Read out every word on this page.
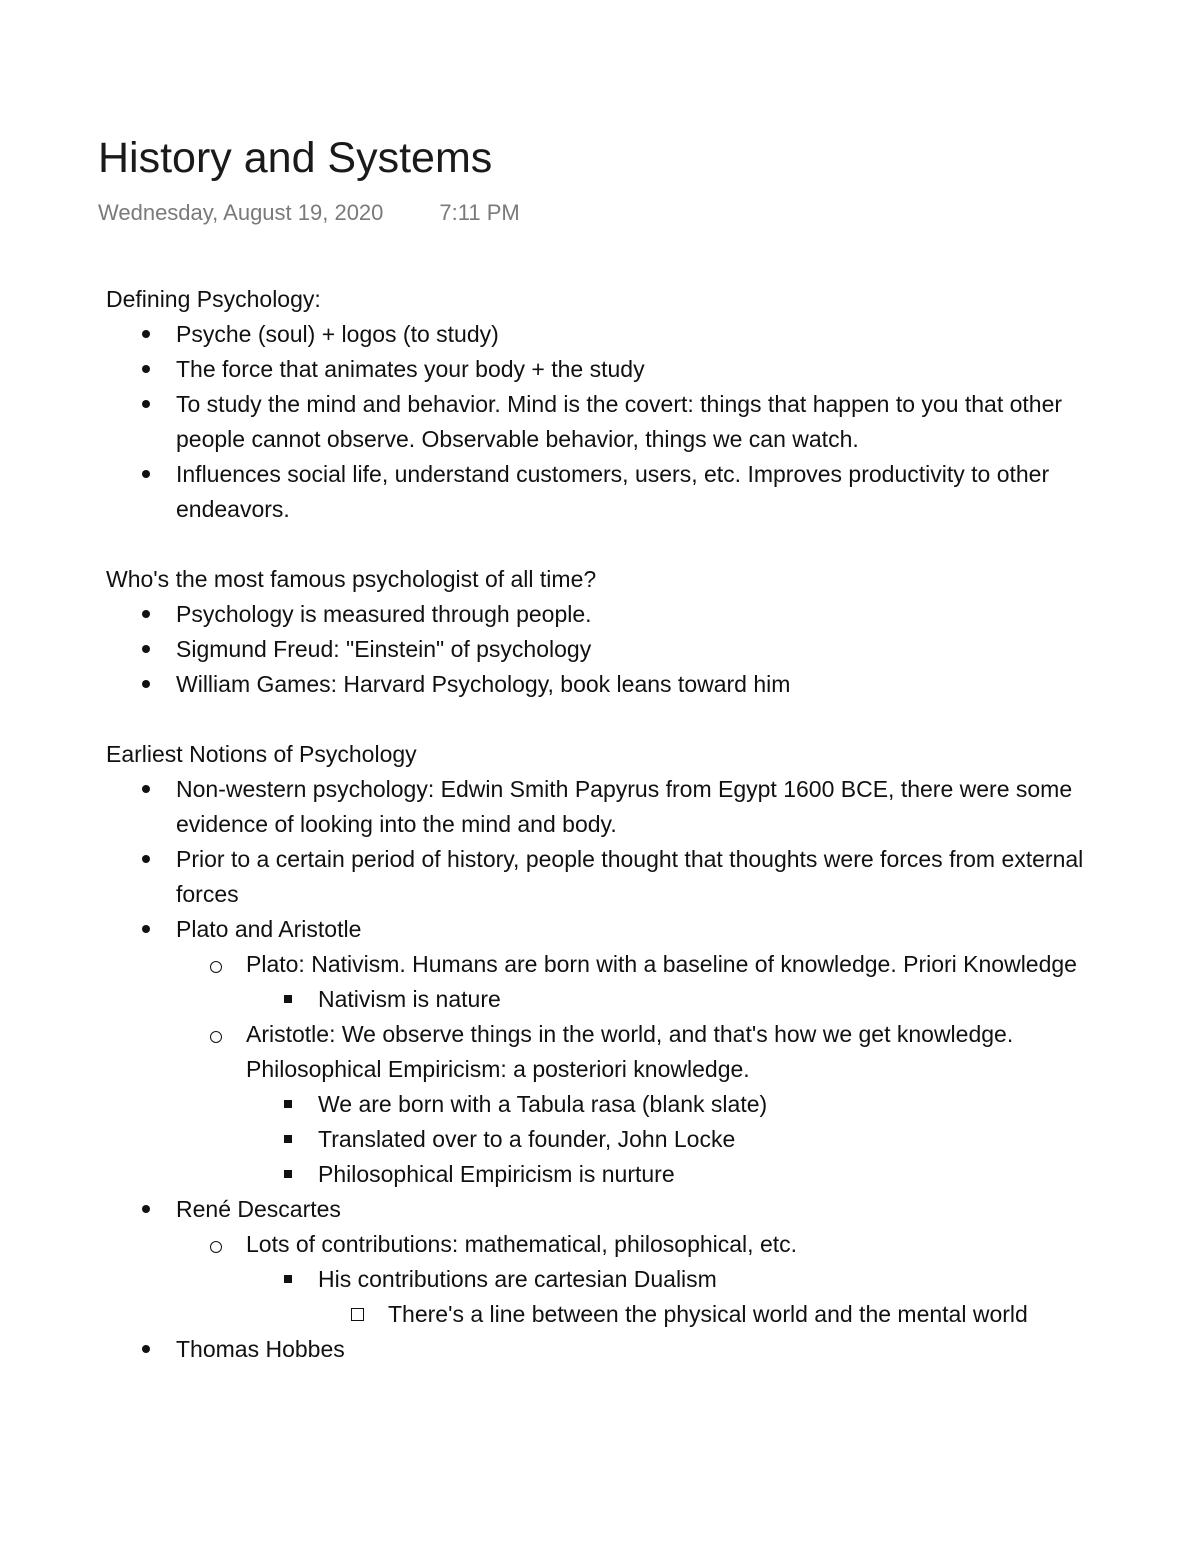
History and Systems
Wednesday, August 19, 2020	7:11 PM

Defining Psychology:

Psyche (soul) + logos (to study)
The force that animates your body + the study
To study the mind and behavior. Mind is the covert: things that happen to you that other people cannot observe. Observable behavior, things we can watch.
Influences social life, understand customers, users, etc. Improves productivity to other endeavors.

Who's the most famous psychologist of all time?

Psychology is measured through people.
Sigmund Freud: "Einstein" of psychology
William Games: Harvard Psychology, book leans toward him

Earliest Notions of Psychology

Non-western psychology: Edwin Smith Papyrus from Egypt 1600 BCE, there were some evidence of looking into the mind and body.
Prior to a certain period of history, people thought that thoughts were forces from external forces
Plato and Aristotle
Plato: Nativism. Humans are born with a baseline of knowledge. Priori Knowledge
Nativism is nature
Aristotle: We observe things in the world, and that's how we get knowledge. Philosophical Empiricism: a posteriori knowledge.
We are born with a Tabula rasa (blank slate)
Translated over to a founder, John Locke
Philosophical Empiricism is nurture
René Descartes
Lots of contributions: mathematical, philosophical, etc.
His contributions are cartesian Dualism
There's a line between the physical world and the mental world
Thomas Hobbes
